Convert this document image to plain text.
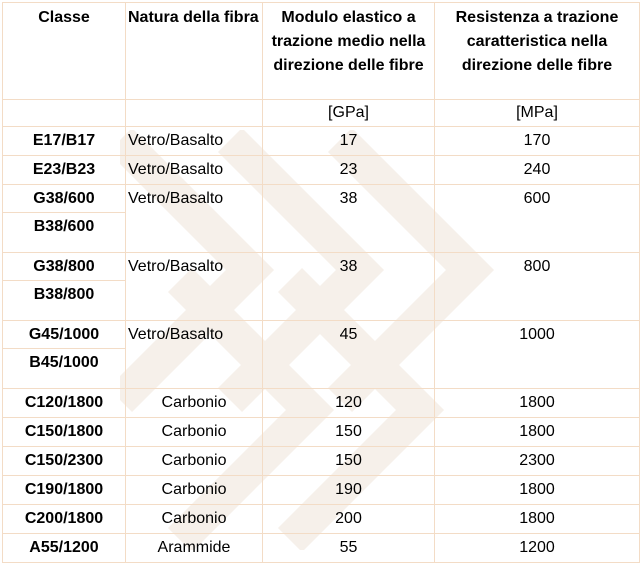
Classe	Natura della fibra	Modulo elastico a trazione medio nella direzione delle fibre	Resistenza a trazione caratteristica nella direzione delle fibre
		[GPa]	[MPa]
E17/B17	Vetro/Basalto	17	170
E23/B23	Vetro/Basalto	23	240
G38/600	Vetro/Basalto	38	600
B38/600			
G38/800	Vetro/Basalto	38	800
B38/800			
G45/1000	Vetro/Basalto	45	1000
B45/1000			
C120/1800	Carbonio	120	1800
C150/1800	Carbonio	150	1800
C150/2300	Carbonio	150	2300
C190/1800	Carbonio	190	1800
C200/1800	Carbonio	200	1800
A55/1200	Arammide	55	1200
